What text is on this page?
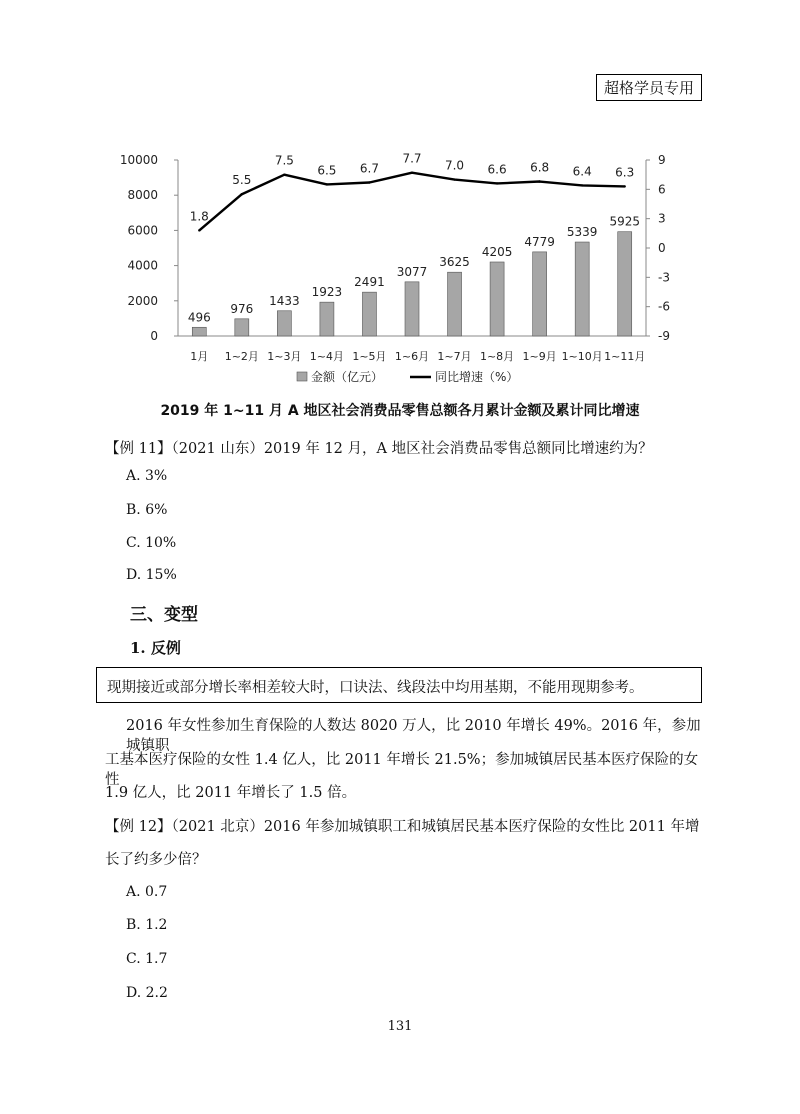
超格学员专用
496
976
1433
1923
2491
3077
3625
4205
4779
5339
5925
1.8
5.5
7.5
6.5 6.7
7.7 7.0 6.6 6.8 6.4 6.3
0
2000
4000
6000
8000
10000
-9
-6
-3
0
3
6
9
1月 1~2月 1~3月 1~4月 1~5月 1~6月 1~7月 1~8月 1~9月 1~10月 1~11月
金额（亿元）	同比增速（%）
2019 年 1~11 月 A 地区社会消费品零售总额各月累计金额及累计同比增速
【例 11】（2021 山东）2019 年 12 月，A 地区社会消费品零售总额同比增速约为？
A. 3%
B. 6%
C. 10%
D. 15%
三、变型
1. 反例
现期接近或部分增长率相差较大时，口诀法、线段法中均用基期，不能用现期参考。
2016 年女性参加生育保险的人数达 8020 万人，比 2010 年增长 49%。2016 年，参加城镇职
工基本医疗保险的女性 1.4 亿人，比 2011 年增长 21.5%；参加城镇居民基本医疗保险的女性
1.9 亿人，比 2011 年增长了 1.5 倍。
【例 12】（2021 北京）2016 年参加城镇职工和城镇居民基本医疗保险的女性比 2011 年增
长了约多少倍？
A. 0.7
B. 1.2
C. 1.7
D. 2.2
131
